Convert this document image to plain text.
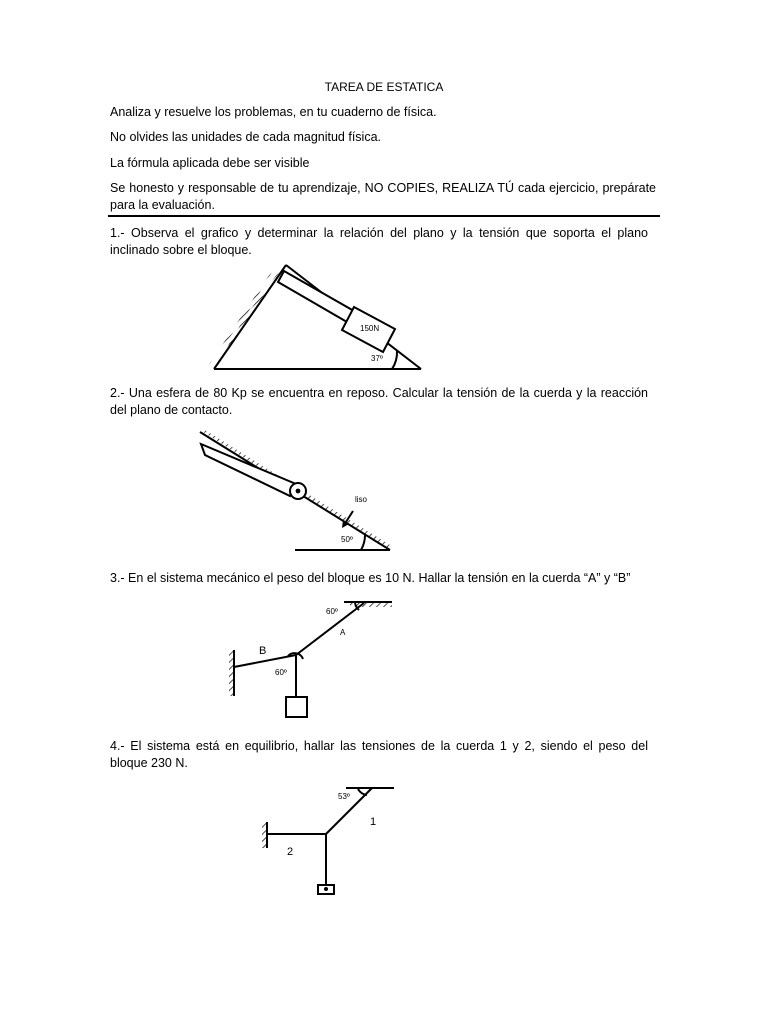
TAREA DE ESTATICA
Analiza y resuelve los problemas, en tu cuaderno de física.
No olvides las unidades de cada magnitud física.
La fórmula aplicada debe ser visible
Se honesto y responsable de tu aprendizaje, NO COPIES, REALIZA TÚ cada ejercicio, prepárate para la evaluación.
1.- Observa el grafico y determinar la relación del plano y la tensión que soporta el plano inclinado sobre el bloque.
2.- Una esfera de 80 Kp se encuentra en reposo. Calcular la tensión de la cuerda y la reacción del plano de contacto.
3.- En el sistema mecánico el peso del bloque es 10 N. Hallar la tensión en la cuerda “A” y “B”
4.- El sistema está en equilibrio, hallar las tensiones de la cuerda 1 y 2, siendo el peso del bloque 230 N.
150N
37º
liso
50º
60º
A
B
60º
53º
1
2
